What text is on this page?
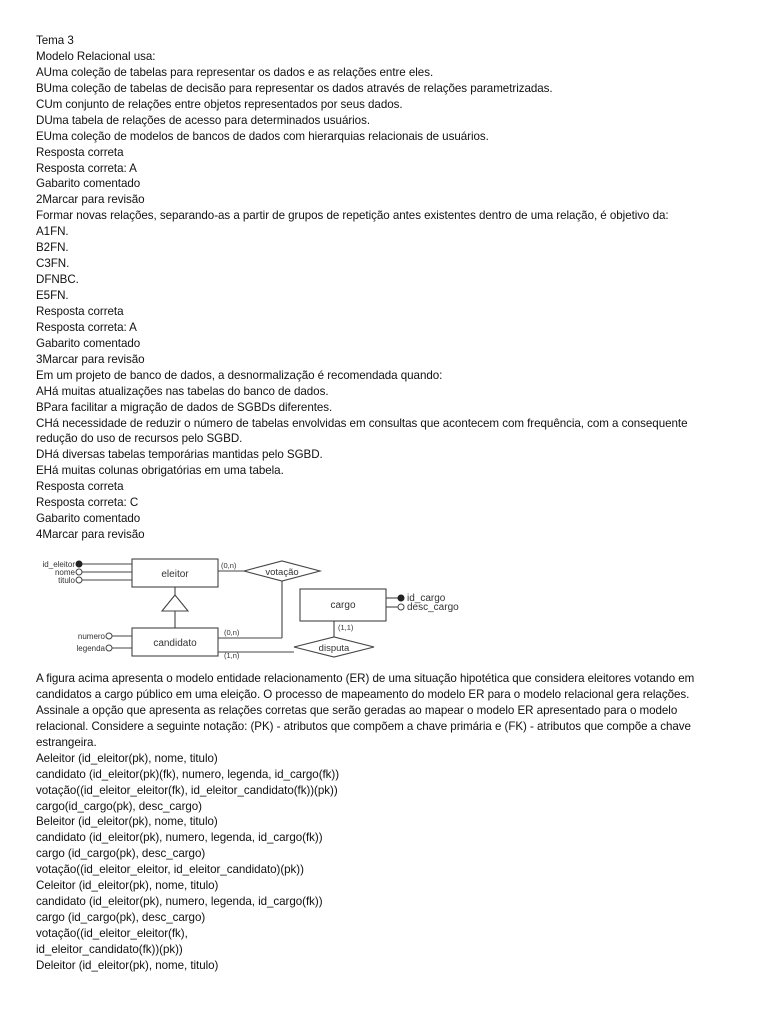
Tema 3
Modelo Relacional usa:
AUma coleção de tabelas para representar os dados e as relações entre eles.
BUma coleção de tabelas de decisão para representar os dados através de relações parametrizadas.
CUm conjunto de relações entre objetos representados por seus dados.
DUma tabela de relações de acesso para determinados usuários.
EUma coleção de modelos de bancos de dados com hierarquias relacionais de usuários.
Resposta correta
Resposta correta: A
Gabarito comentado
2Marcar para revisão
Formar novas relações, separando-as a partir de grupos de repetição antes existentes dentro de uma relação, é objetivo da:
A1FN.
B2FN.
C3FN.
DFNBC.
E5FN.
Resposta correta
Resposta correta: A
Gabarito comentado
3Marcar para revisão
Em um projeto de banco de dados, a desnormalização é recomendada quando:
AHá muitas atualizações nas tabelas do banco de dados.
BPara facilitar a migração de dados de SGBDs diferentes.
CHá necessidade de reduzir o número de tabelas envolvidas em consultas que acontecem com frequência, com a consequente
redução do uso de recursos pelo SGBD.
DHá diversas tabelas temporárias mantidas pelo SGBD.
EHá muitas colunas obrigatórias em uma tabela.
Resposta correta
Resposta correta: C
Gabarito comentado
4Marcar para revisão
id_eleitor
nome
titulo
numero
legenda
id_cargo
desc_cargo
eleitor
candidato
cargo
votação
disputa
(0,n)
(0,n)
(1,n)
(1,1)
A figura acima apresenta o modelo entidade relacionamento (ER) de uma situação hipotética que considera eleitores votando em
candidatos a cargo público em uma eleição. O processo de mapeamento do modelo ER para o modelo relacional gera relações.
Assinale a opção que apresenta as relações corretas que serão geradas ao mapear o modelo ER apresentado para o modelo
relacional. Considere a seguinte notação: (PK) - atributos que compõem a chave primária e (FK) - atributos que compõe a chave
estrangeira.
Aeleitor (id_eleitor(pk), nome, titulo)
candidato (id_eleitor(pk)(fk), numero, legenda, id_cargo(fk))
votação((id_eleitor_eleitor(fk), id_eleitor_candidato(fk))(pk))
cargo(id_cargo(pk), desc_cargo)
Beleitor (id_eleitor(pk), nome, titulo)
candidato (id_eleitor(pk), numero, legenda, id_cargo(fk))
cargo (id_cargo(pk), desc_cargo)
votação((id_eleitor_eleitor, id_eleitor_candidato)(pk))
Celeitor (id_eleitor(pk), nome, titulo)
candidato (id_eleitor(pk), numero, legenda, id_cargo(fk))
cargo (id_cargo(pk), desc_cargo)
votação((id_eleitor_eleitor(fk),
id_eleitor_candidato(fk))(pk))
Deleitor (id_eleitor(pk), nome, titulo)
